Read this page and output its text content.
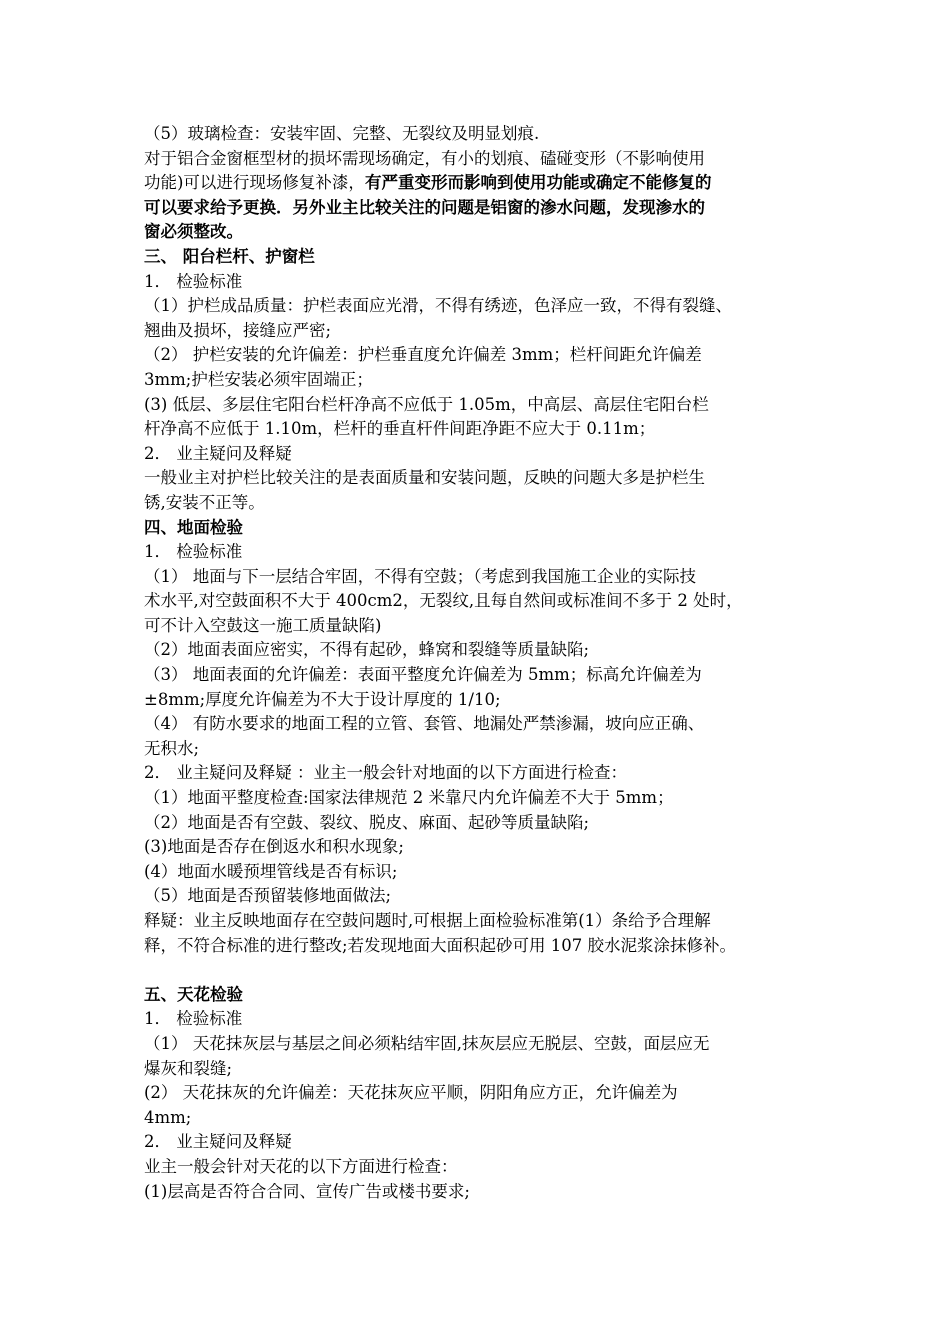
（5）玻璃检查：安装牢固、完整、无裂纹及明显划痕.
对于铝合金窗框型材的损坏需现场确定，有小的划痕、磕碰变形（不影响使用
功能)可以进行现场修复补漆，有严重变形而影响到使用功能或确定不能修复的
可以要求给予更换．另外业主比较关注的问题是铝窗的渗水问题，发现渗水的
窗必须整改。
三、 阳台栏杆、护窗栏
1． 检验标准
（1）护栏成品质量：护栏表面应光滑，不得有绣迹，色泽应一致，不得有裂缝、
翘曲及损坏，接缝应严密;
（2） 护栏安装的允许偏差：护栏垂直度允许偏差 3mm；栏杆间距允许偏差
3mm;护栏安装必须牢固端正；
(3) 低层、多层住宅阳台栏杆净高不应低于 1.05m，中高层、高层住宅阳台栏
杆净高不应低于 1.10m，栏杆的垂直杆件间距净距不应大于 0.11m；
2． 业主疑问及释疑
一般业主对护栏比较关注的是表面质量和安装问题，反映的问题大多是护栏生
锈,安装不正等。
四、地面检验
1． 检验标准
（1） 地面与下一层结合牢固，不得有空鼓；（考虑到我国施工企业的实际技
术水平,对空鼓面积不大于 400cm2，无裂纹,且每自然间或标准间不多于 2 处时，
可不计入空鼓这一施工质量缺陷)
（2）地面表面应密实，不得有起砂，蜂窝和裂缝等质量缺陷;
（3） 地面表面的允许偏差：表面平整度允许偏差为 5mm；标高允许偏差为
±8mm;厚度允许偏差为不大于设计厚度的 1/10;
（4） 有防水要求的地面工程的立管、套管、地漏处严禁渗漏，坡向应正确、
无积水;
2． 业主疑问及释疑 ：业主一般会针对地面的以下方面进行检查：
（1）地面平整度检查:国家法律规范 2 米靠尺内允许偏差不大于 5mm；
（2）地面是否有空鼓、裂纹、脱皮、麻面、起砂等质量缺陷;
(3)地面是否存在倒返水和积水现象;
(4）地面水暖预埋管线是否有标识;
（5）地面是否预留装修地面做法;
释疑：业主反映地面存在空鼓问题时,可根据上面检验标准第(1）条给予合理解
释，不符合标准的进行整改;若发现地面大面积起砂可用 107 胶水泥浆涂抹修补。
五、天花检验
1． 检验标准
（1） 天花抹灰层与基层之间必须粘结牢固,抹灰层应无脱层、空鼓，面层应无
爆灰和裂缝;
(2） 天花抹灰的允许偏差：天花抹灰应平顺，阴阳角应方正，允许偏差为
4mm;
2． 业主疑问及释疑
业主一般会针对天花的以下方面进行检查：
(1)层高是否符合合同、宣传广告或楼书要求;
